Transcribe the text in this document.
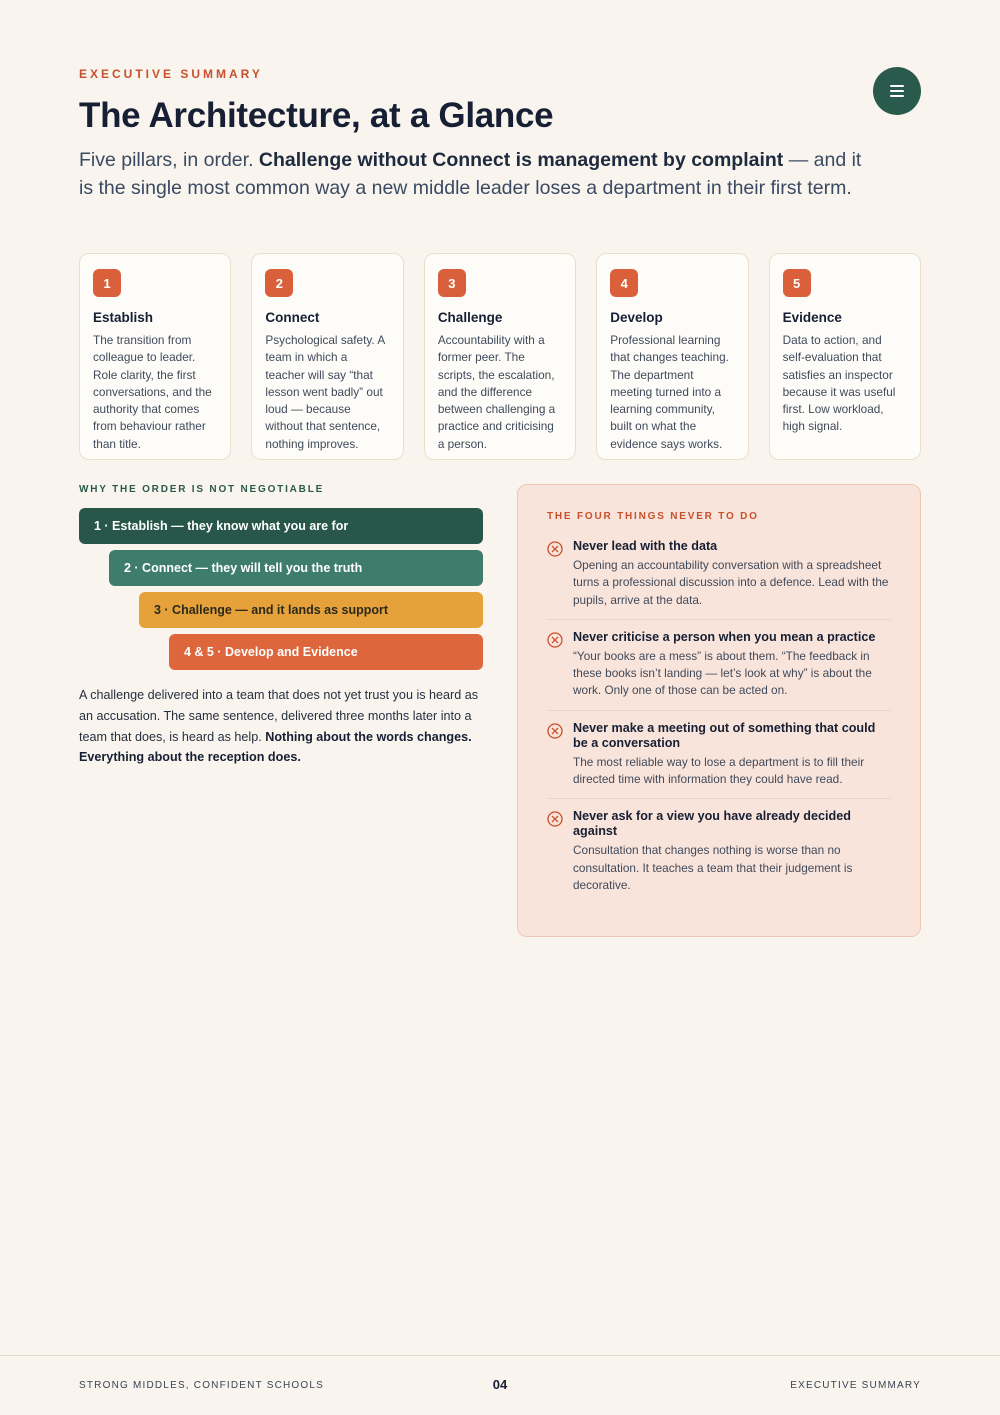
EXECUTIVE SUMMARY
The Architecture, at a Glance

Five pillars, in order. Challenge without Connect is management by complaint — and it is the single most common way a new middle leader loses a department in their first term.

1
Establish
The transition from colleague to leader. Role clarity, the first conversations, and the authority that comes from behaviour rather than title.
2
Connect
Psychological safety. A team in which a teacher will say “that lesson went badly” out loud — because without that sentence, nothing improves.
3
Challenge
Accountability with a former peer. The scripts, the escalation, and the difference between challenging a practice and criticising a person.
4
Develop
Professional learning that changes teaching. The department meeting turned into a learning community, built on what the evidence says works.
5
Evidence
Data to action, and self-evaluation that satisfies an inspector because it was useful first. Low workload, high signal.
WHY THE ORDER IS NOT NEGOTIABLE
1 · Establish — they know what you are for
2 · Connect — they will tell you the truth
3 · Challenge — and it lands as support
4 & 5 · Develop and Evidence

A challenge delivered into a team that does not yet trust you is heard as an accusation. The same sentence, delivered three months later into a team that does, is heard as help. Nothing about the words changes. Everything about the reception does.

THE FOUR THINGS NEVER TO DO
Never lead with the data
Opening an accountability conversation with a spreadsheet turns a professional discussion into a defence. Lead with the pupils, arrive at the data.
Never criticise a person when you mean a practice
“Your books are a mess” is about them. “The feedback in these books isn’t landing — let’s look at why” is about the work. Only one of those can be acted on.
Never make a meeting out of something that could be a conversation
The most reliable way to lose a department is to fill their directed time with information they could have read.
Never ask for a view you have already decided against
Consultation that changes nothing is worse than no consultation. It teaches a team that their judgement is decorative.
STRONG MIDDLES, CONFIDENT SCHOOLS	04	EXECUTIVE SUMMARY
